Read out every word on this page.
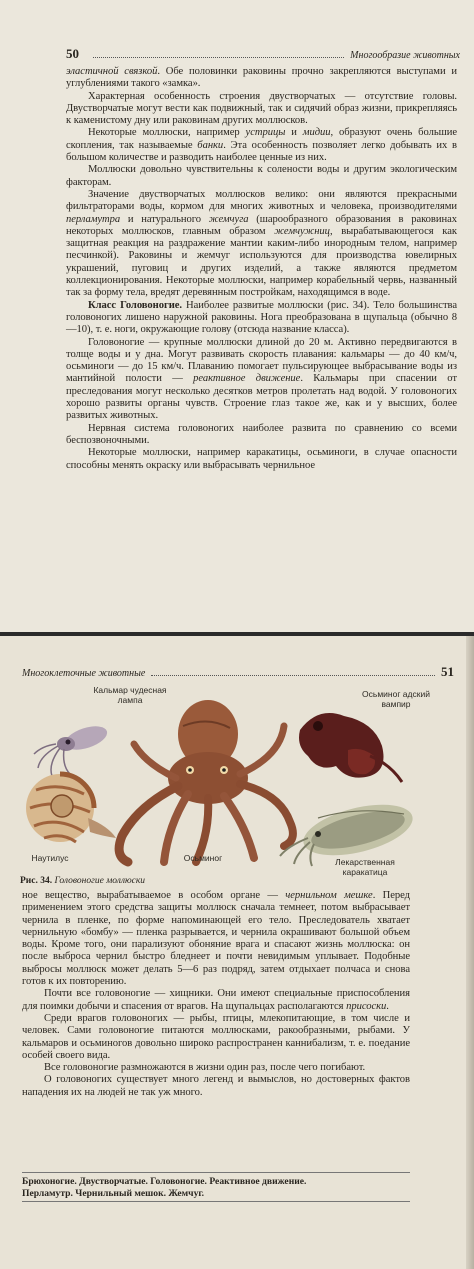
50	Многообразие животных

эластичной связкой. Обе половинки раковины прочно закрепляются выступами и углублениями такого «замка».

Характерная особенность строения двустворчатых — отсутствие головы. Двустворчатые могут вести как подвижный, так и сидячий образ жизни, прикрепляясь к каменистому дну или раковинам других моллюсков.

Некоторые моллюски, например устрицы и мидии, образуют очень большие скопления, так называемые банки. Эта особенность позволяет легко добывать их в большом количестве и разводить наиболее ценные из них.

Моллюски довольно чувствительны к солености воды и другим экологическим факторам.

Значение двустворчатых моллюсков велико: они являются прекрасными фильтраторами воды, кормом для многих животных и человека, производителями перламутра и натурального жемчуга (шарообразного образования в раковинах некоторых моллюсков, главным образом жемчужниц, вырабатывающегося как защитная реакция на раздражение мантии каким-либо инородным телом, например песчинкой). Раковины и жемчуг используются для производства ювелирных украшений, пуговиц и других изделий, а также являются предметом коллекционирования. Некоторые моллюски, например корабельный червь, названный так за форму тела, вредят деревянным постройкам, находящимся в воде.

Класс Головоногие. Наиболее развитые моллюски (рис. 34). Тело большинства головоногих лишено наружной раковины. Нога преобразована в щупальца (обычно 8—10), т. е. ноги, окружающие голову (отсюда название класса).

Головоногие — крупные моллюски длиной до 20 м. Активно передвигаются в толще воды и у дна. Могут развивать скорость плавания: кальмары — до 40 км/ч, осьминоги — до 15 км/ч. Плаванию помогает пульсирующее выбрасывание воды из мантийной полости — реактивное движение. Кальмары при спасении от преследования могут несколько десятков метров пролетать над водой. У головоногих хорошо развиты органы чувств. Строение глаз такое же, как и у высших, более развитых животных.

Нервная система головоногих наиболее развита по сравнению со всеми беспозвоночными.

Некоторые моллюски, например каракатицы, осьминоги, в случае опасности способны менять окраску или выбрасывать чернильное

Многоклеточные животные	51
Кальмар чудесная лампа
Осьминог адский вампир
Наутилус	Осьминог	Лекарственная каракатица
Рис. 34. Головоногие моллюски

ное вещество, вырабатываемое в особом органе — чернильном мешке. Перед применением этого средства защиты моллюск сначала темнеет, потом выбрасывает чернила в пленке, по форме напоминающей его тело. Преследователь хватает чернильную «бомбу» — пленка разрывается, и чернила окрашивают большой объем воды. Кроме того, они парализуют обоняние врага и спасают жизнь моллюска: он после выброса чернил быстро бледнеет и почти невидимым уплывает. Подобные выбросы моллюск может делать 5—6 раз подряд, затем отдыхает полчаса и снова готов к их повторению.

Почти все головоногие — хищники. Они имеют специальные приспособления для поимки добычи и спасения от врагов. На щупальцах располагаются присоски.

Среди врагов головоногих — рыбы, птицы, млекопитающие, в том числе и человек. Сами головоногие питаются моллюсками, ракообразными, рыбами. У кальмаров и осьминогов довольно широко распространен каннибализм, т. е. поедание особей своего вида.

Все головоногие размножаются в жизни один раз, после чего погибают.

О головоногих существует много легенд и вымыслов, но достоверных фактов нападения их на людей не так уж много.

Брюхоногие. Двустворчатые. Головоногие. Реактивное движение.
Перламутр. Чернильный мешок. Жемчуг.
